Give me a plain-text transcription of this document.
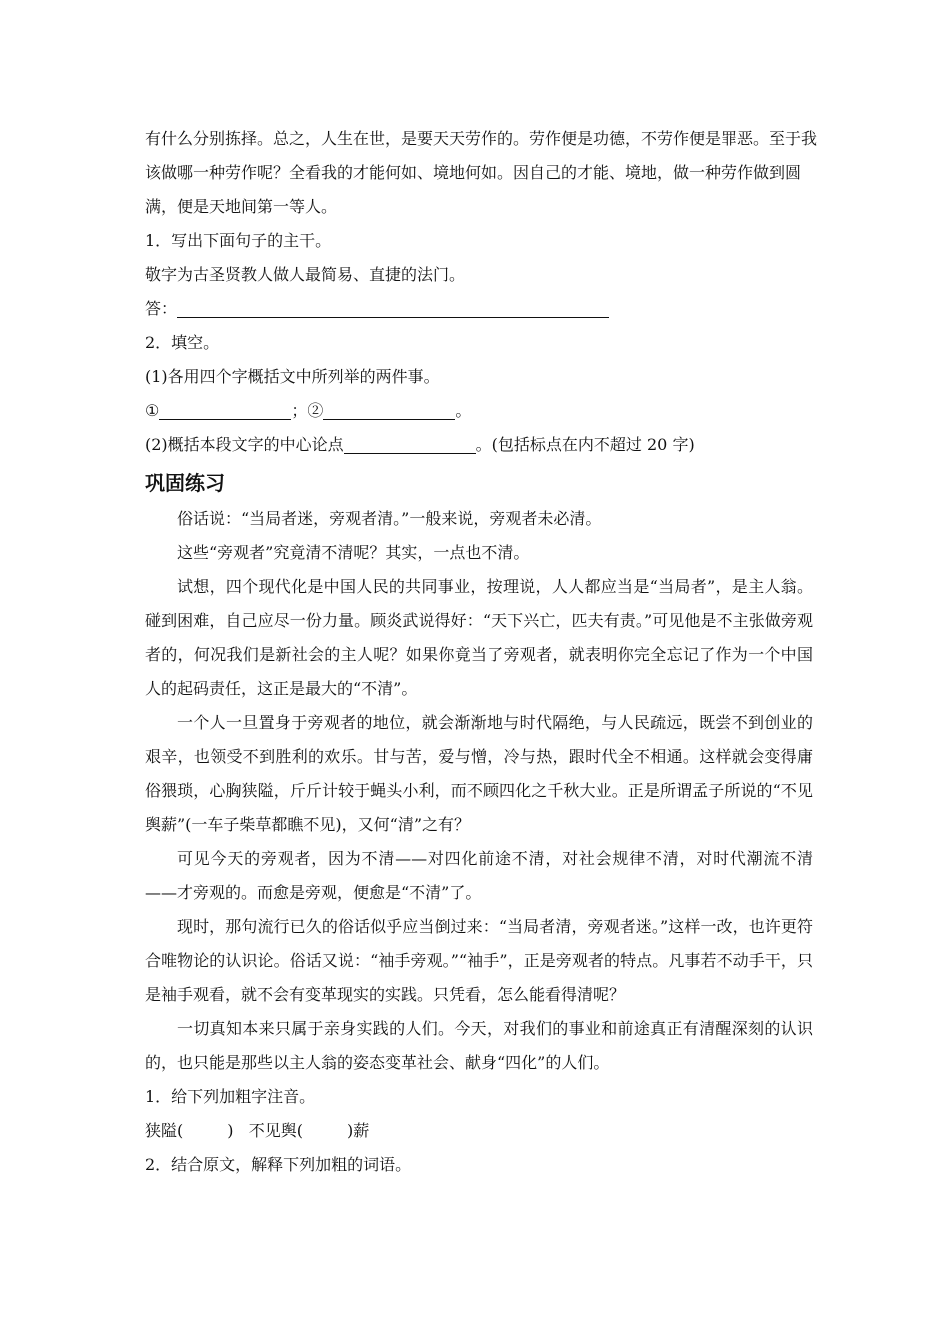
有什么分别拣择。总之，人生在世，是要天天劳作的。劳作便是功德，不劳作便是罪恶。至于我

该做哪一种劳作呢？全看我的才能何如、境地何如。因自己的才能、境地，做一种劳作做到圆

满，便是天地间第一等人。

1．写出下面句子的主干。

敬字为古圣贤教人做人最简易、直捷的法门。

答：

2．填空。

(1)各用四个字概括文中所列举的两件事。

①	；②	。

(2)概括本段文字的中心论点	。(包括标点在内不超过 20 字)

巩固练习

俗话说：“当局者迷，旁观者清。”一般来说，旁观者未必清。

这些“旁观者”究竟清不清呢？其实，一点也不清。

试想，四个现代化是中国人民的共同事业，按理说，人人都应当是“当局者”，是主人翁。碰到困难，自己应尽一份力量。顾炎武说得好：“天下兴亡，匹夫有责。”可见他是不主张做旁观者的，何况我们是新社会的主人呢？如果你竟当了旁观者，就表明你完全忘记了作为一个中国人的起码责任，这正是最大的“不清”。

一个人一旦置身于旁观者的地位，就会渐渐地与时代隔绝，与人民疏远，既尝不到创业的艰辛，也领受不到胜利的欢乐。甘与苦，爱与憎，冷与热，跟时代全不相通。这样就会变得庸俗猥琐，心胸狭隘，斤斤计较于蝇头小利，而不顾四化之千秋大业。正是所谓孟子所说的“不见舆薪”(一车子柴草都瞧不见)，又何“清”之有？

可见今天的旁观者，因为不清——对四化前途不清，对社会规律不清，对时代潮流不清——才旁观的。而愈是旁观，便愈是“不清”了。

现时，那句流行已久的俗话似乎应当倒过来：“当局者清，旁观者迷。”这样一改，也许更符合唯物论的认识论。俗话又说：“袖手旁观。”“袖手”，正是旁观者的特点。凡事若不动手干，只是袖手观看，就不会有变革现实的实践。只凭看，怎么能看得清呢？

一切真知本来只属于亲身实践的人们。今天，对我们的事业和前途真正有清醒深刻的认识的，也只能是那些以主人翁的姿态变革社会、献身“四化”的人们。

1．给下列加粗字注音。

狭隘(	) 不见舆(	)薪

2．结合原文，解释下列加粗的词语。
